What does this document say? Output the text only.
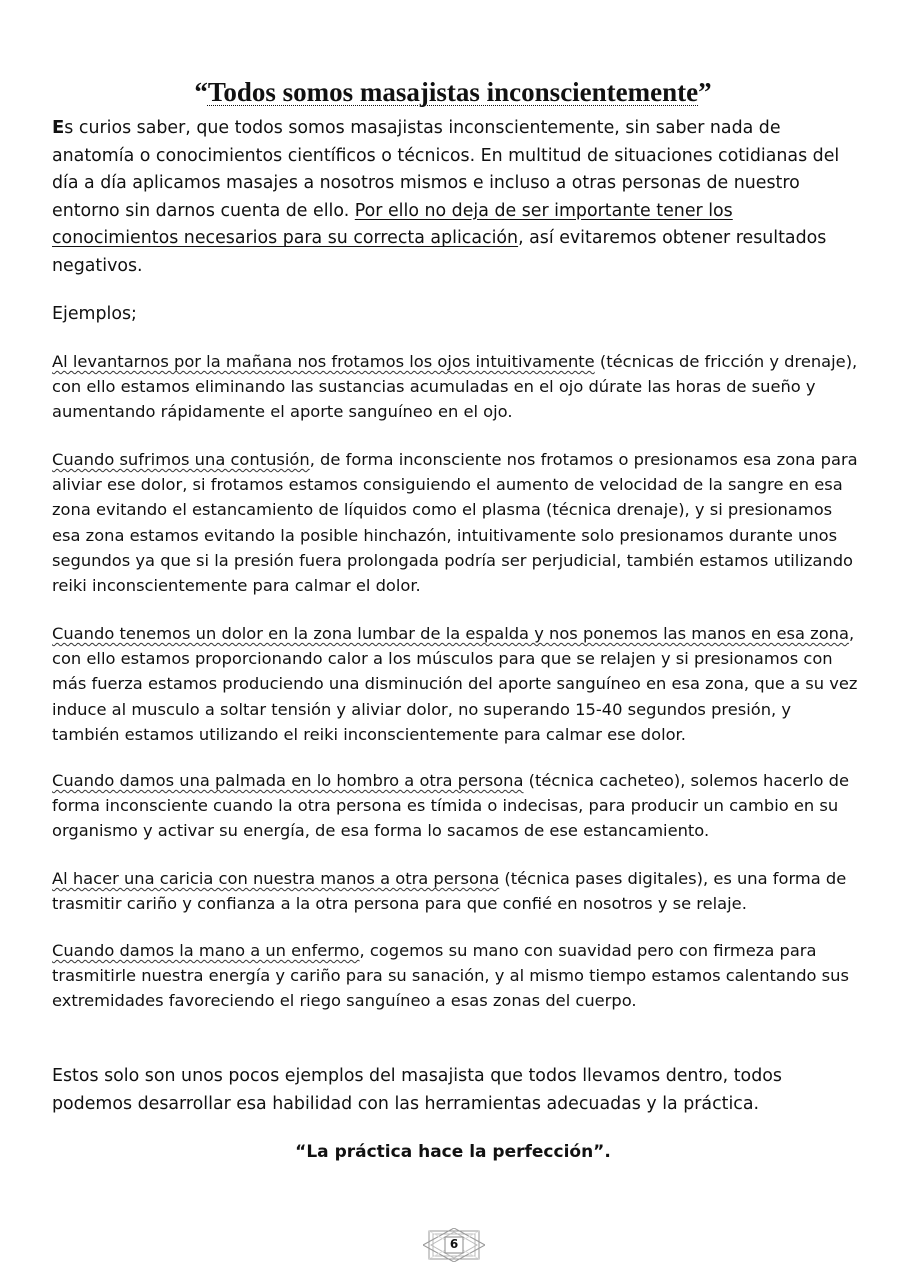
“Todos somos masajistas inconscientemente”

Es curios saber, que todos somos masajistas inconscientemente, sin saber nada de anatomía o conocimientos científicos o técnicos. En multitud de situaciones cotidianas del día a día aplicamos masajes a nosotros mismos e incluso a otras personas de nuestro entorno sin darnos cuenta de ello. Por ello no deja de ser importante tener los conocimientos necesarios para su correcta aplicación, así evitaremos obtener resultados negativos.

Ejemplos;

Al levantarnos por la mañana nos frotamos los ojos intuitivamente (técnicas de fricción y drenaje), con ello estamos eliminando las sustancias acumuladas en el ojo dúrate las horas de sueño y aumentando rápidamente el aporte sanguíneo en el ojo.

Cuando sufrimos una contusión, de forma inconsciente nos frotamos o presionamos esa zona para aliviar ese dolor, si frotamos estamos consiguiendo el aumento de velocidad de la sangre en esa zona evitando el estancamiento de líquidos como el plasma (técnica drenaje), y si presionamos esa zona estamos evitando la posible hinchazón, intuitivamente solo presionamos durante unos segundos ya que si la presión fuera prolongada podría ser perjudicial, también estamos utilizando reiki inconscientemente para calmar el dolor.

Cuando tenemos un dolor en la zona lumbar de la espalda y nos ponemos las manos en esa zona, con ello estamos proporcionando calor a los músculos para que se relajen y si presionamos con más fuerza estamos produciendo una disminución del aporte sanguíneo en esa zona, que a su vez induce al musculo a soltar tensión y aliviar dolor, no superando 15-40 segundos presión, y también estamos utilizando el reiki inconscientemente para calmar ese dolor.

Cuando damos una palmada en lo hombro a otra persona (técnica cacheteo), solemos hacerlo de forma inconsciente cuando la otra persona es tímida o indecisas, para producir un cambio en su organismo y activar su energía, de esa forma lo sacamos de ese estancamiento.

Al hacer una caricia con nuestra manos a otra persona (técnica pases digitales), es una forma de trasmitir cariño y confianza a la otra persona para que confié en nosotros y se relaje.

Cuando damos la mano a un enfermo, cogemos su mano con suavidad pero con firmeza para trasmitirle nuestra energía y cariño para su sanación, y al mismo tiempo estamos calentando sus extremidades favoreciendo el riego sanguíneo a esas zonas del cuerpo.

Estos solo son unos pocos ejemplos del masajista que todos llevamos dentro, todos podemos desarrollar esa habilidad con las herramientas adecuadas y la práctica.

“La práctica hace la perfección”.
6
